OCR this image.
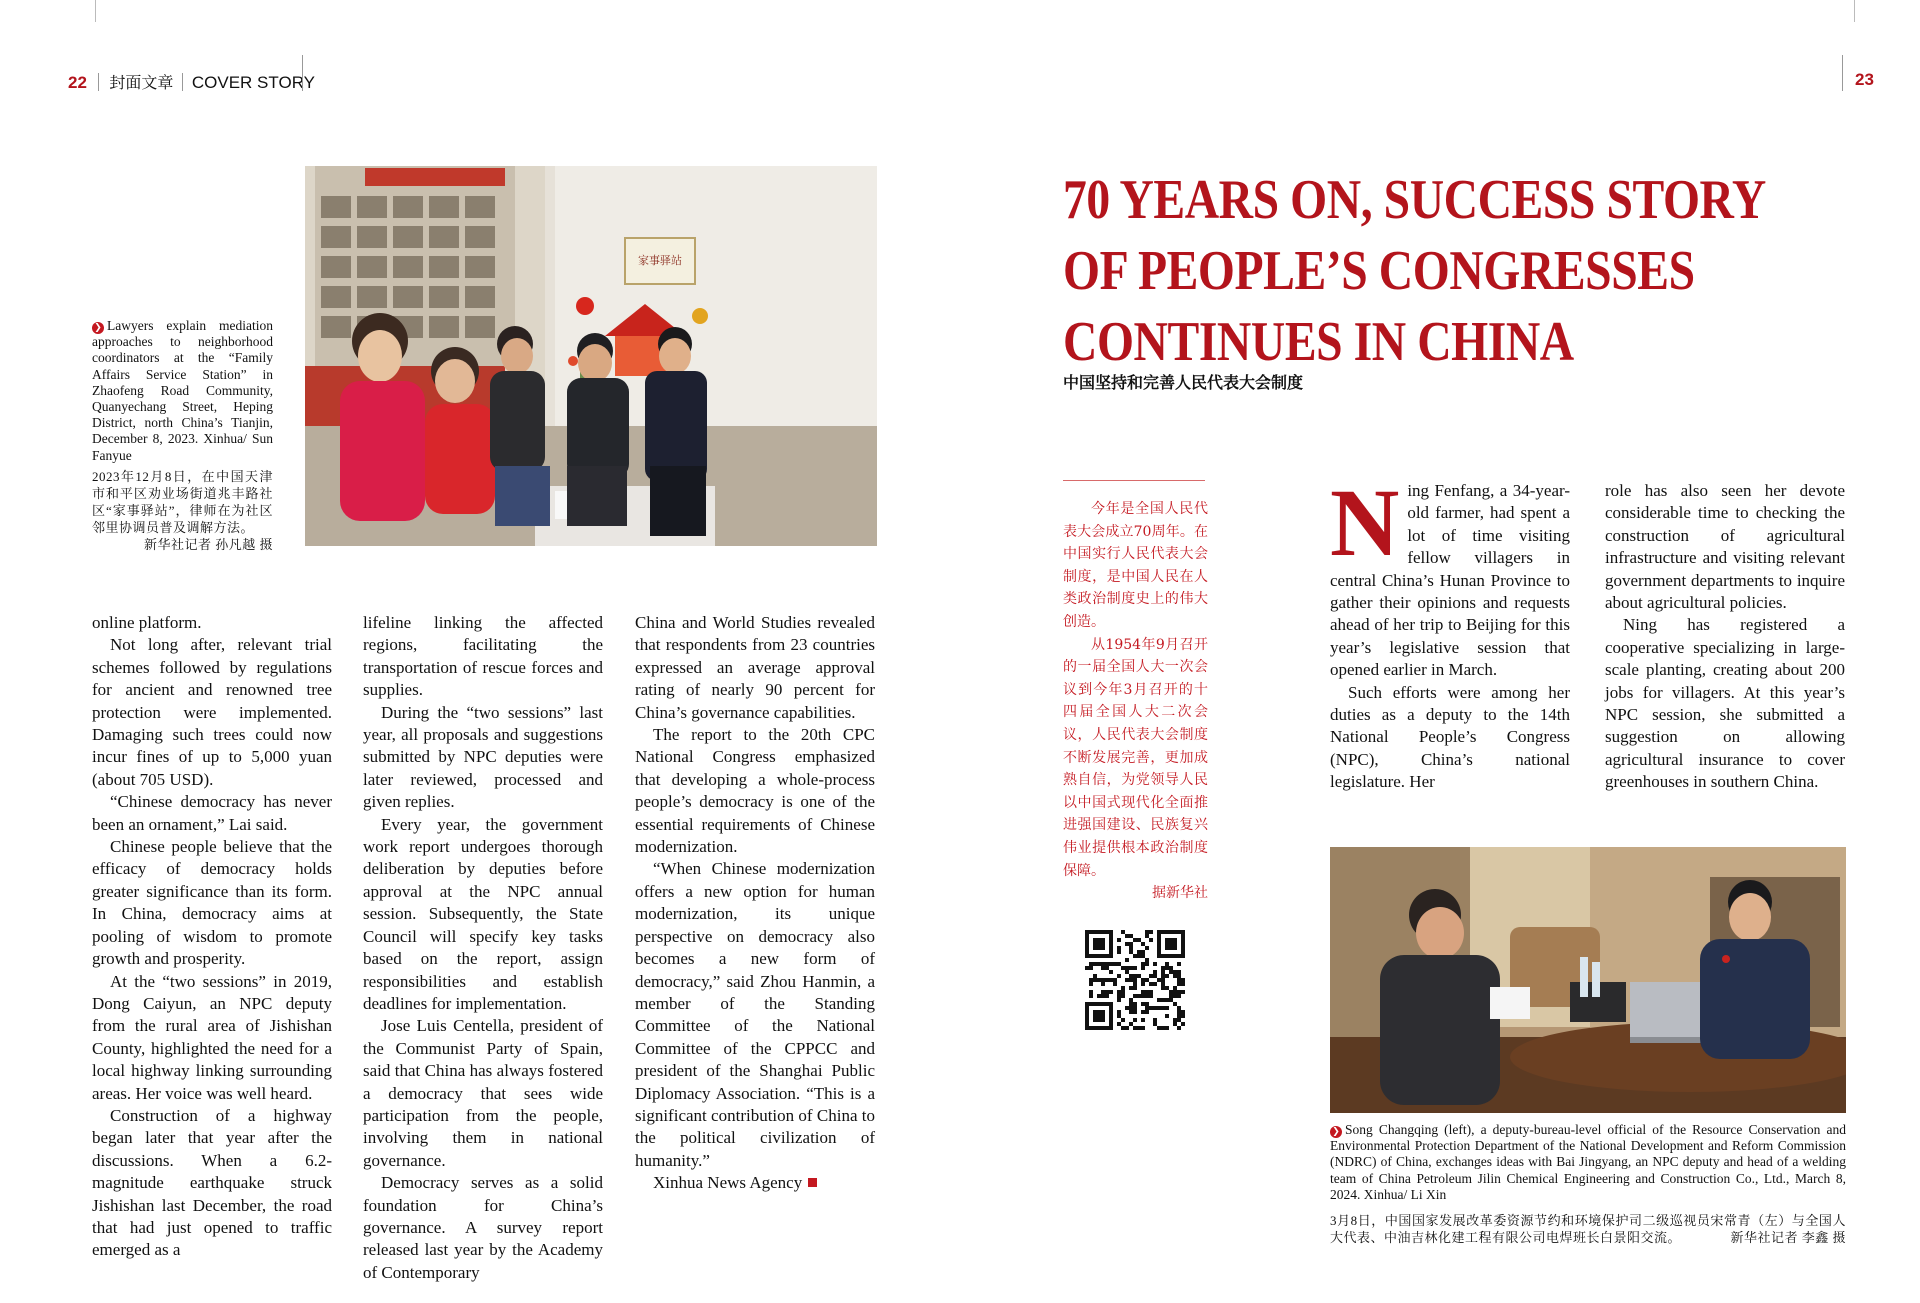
22 封面文章 COVER STORY	23
家事驿站
❯ Lawyers explain mediation approaches to neighborhood coordinators at the “Family Affairs Service Station” in Zhaofeng Road Community, Quanyechang Street, Heping District, north China’s Tianjin, December 8, 2023. Xinhua/ Sun Fanyue
2023年12月8日，在中国天津市和平区劝业场街道兆丰路社区“家事驿站”，律师在为社区邻里协调员普及调解方法。
新华社记者 孙凡越 摄

online platform.

Not long after, relevant trial schemes followed by regulations for ancient and renowned tree protection were implemented. Damaging such trees could now incur fines of up to 5,000 yuan (about 705 USD).

“Chinese democracy has never been an ornament,” Lai said.

Chinese people believe that the efficacy of democracy holds greater significance than its form. In China, democracy aims at pooling of wisdom to promote growth and prosperity.

At the “two sessions” in 2019, Dong Caiyun, an NPC deputy from the rural area of Jishishan County, highlighted the need for a local highway linking surrounding areas. Her voice was well heard.

Construction of a highway began later that year after the discussions. When a 6.2-magnitude earthquake struck Jishishan last December, the road that had just opened to traffic emerged as a

lifeline linking the affected regions, facilitating the transportation of rescue forces and supplies.

During the “two sessions” last year, all proposals and suggestions submitted by NPC deputies were later reviewed, processed and given replies.

Every year, the government work report undergoes thorough deliberation by deputies before approval at the NPC annual session. Subsequently, the State Council will specify key tasks based on the report, assign responsibilities and establish deadlines for implementation.

Jose Luis Centella, president of the Communist Party of Spain, said that China has always fostered a democracy that sees wide participation from the people, involving them in national governance.

Democracy serves as a solid foundation for China’s governance. A survey report released last year by the Academy of Contemporary

China and World Studies revealed that respondents from 23 countries expressed an average approval rating of nearly 90 percent for China’s governance capabilities.

The report to the 20th CPC National Congress emphasized that developing a whole-process people’s democracy is one of the essential requirements of Chinese modernization.

“When Chinese modernization offers a new option for human modernization, its unique perspective on democracy also becomes a new form of democracy,” said Zhou Hanmin, a member of the Standing Committee of the National Committee of the CPPCC and president of the Shanghai Public Diplomacy Association. “This is a significant contribution of China to the political civilization of humanity.”

Xinhua News Agency

70 YEARS ON, SUCCESS STORY
OF PEOPLE’S CONGRESSES
CONTINUES IN CHINA
中国坚持和完善人民代表大会制度

今年是全国人民代表大会成立70周年。在中国实行人民代表大会制度，是中国人民在人类政治制度史上的伟大创造。

从1954年9月召开的一届全国人大一次会议到今年3月召开的十四届全国人大二次会议，人民代表大会制度不断发展完善，更加成熟自信，为党领导人民以中国式现代化全面推进强国建设、民族复兴伟业提供根本政治制度保障。

据新华社

Ning Fenfang, a 34-year-old farmer, had spent a lot of time visiting fellow villagers in central China’s Hunan Province to gather their opinions and requests ahead of her trip to Beijing for this year’s legislative session that opened earlier in March.

Such efforts were among her duties as a deputy to the 14th National People’s Congress (NPC), China’s national legislature. Her

role has also seen her devote considerable time to checking the construction of agricultural infrastructure and visiting relevant government departments to inquire about agricultural policies.

Ning has registered a cooperative specializing in large-scale planting, creating about 200 jobs for villagers. At this year’s NPC session, she submitted a suggestion on allowing agricultural insurance to cover greenhouses in southern China.

❯ Song Changqing (left), a deputy-bureau-level official of the Resource Conservation and Environmental Protection Department of the National Development and Reform Commission (NDRC) of China, exchanges ideas with Bai Jingyang, an NPC deputy and head of a welding team of China Petroleum Jilin Chemical Engineering and Construction Co., Ltd., March 8, 2024. Xinhua/ Li Xin
3月8日，中国国家发展改革委资源节约和环境保护司二级巡视员宋常青（左）与全国人大代表、中油吉林化建工程有限公司电焊班长白景阳交流。	新华社记者 李鑫 摄
